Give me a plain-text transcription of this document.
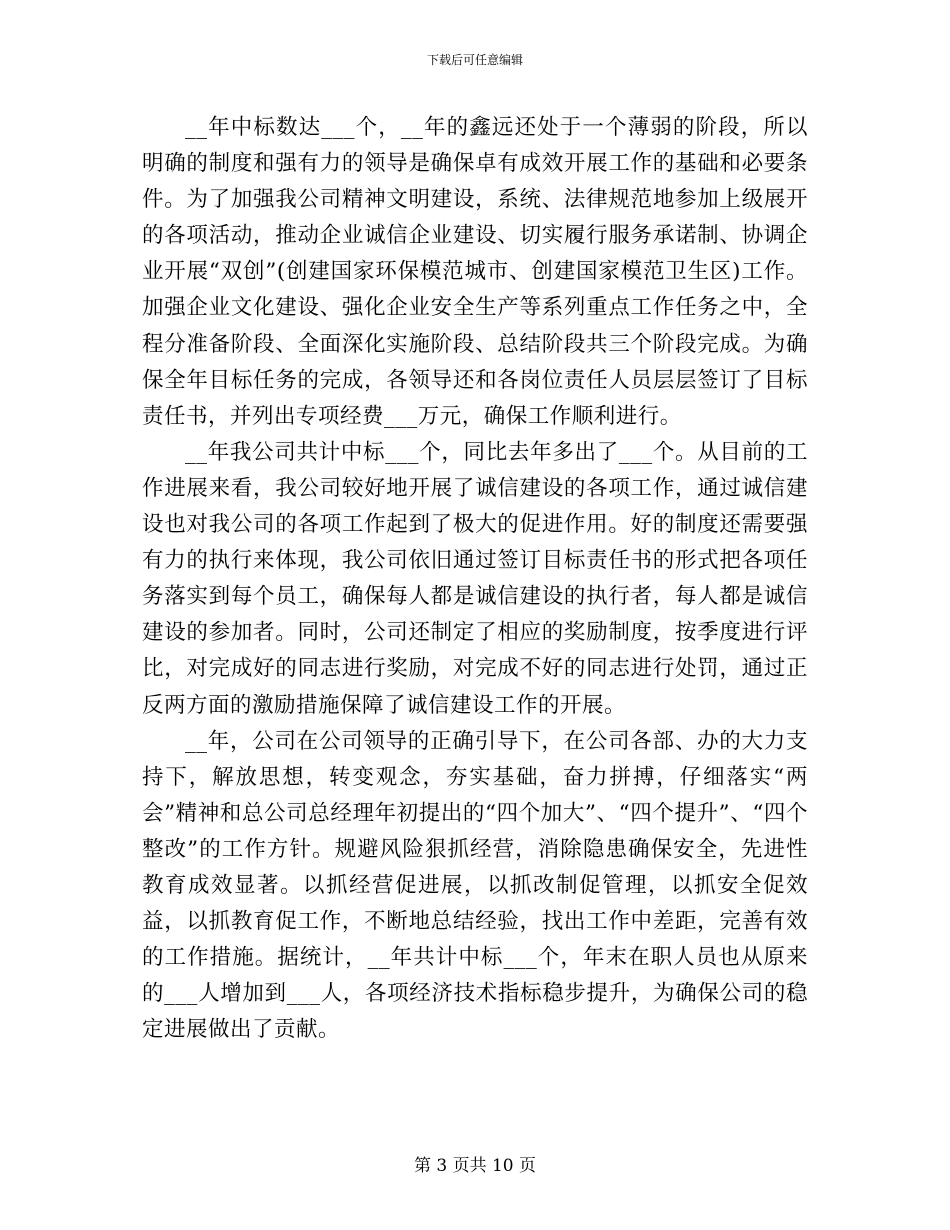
下载后可任意编辑

__年中标数达___个，__年的鑫远还处于一个薄弱的阶段，所以明确的制度和强有力的领导是确保卓有成效开展工作的基础和必要条件。为了加强我公司精神文明建设，系统、法律规范地参加上级展开的各项活动，推动企业诚信企业建设、切实履行服务承诺制、协调企业开展“双创”(创建国家环保模范城市、创建国家模范卫生区)工作。加强企业文化建设、强化企业安全生产等系列重点工作任务之中，全程分准备阶段、全面深化实施阶段、总结阶段共三个阶段完成。为确保全年目标任务的完成，各领导还和各岗位责任人员层层签订了目标责任书，并列出专项经费___万元，确保工作顺利进行。

__年我公司共计中标___个，同比去年多出了___个。从目前的工作进展来看，我公司较好地开展了诚信建设的各项工作，通过诚信建设也对我公司的各项工作起到了极大的促进作用。好的制度还需要强有力的执行来体现，我公司依旧通过签订目标责任书的形式把各项任务落实到每个员工，确保每人都是诚信建设的执行者，每人都是诚信建设的参加者。同时，公司还制定了相应的奖励制度，按季度进行评比，对完成好的同志进行奖励，对完成不好的同志进行处罚，通过正反两方面的激励措施保障了诚信建设工作的开展。

__年，公司在公司领导的正确引导下，在公司各部、办的大力支持下，解放思想，转变观念，夯实基础，奋力拼搏，仔细落实“两会”精神和总公司总经理年初提出的“四个加大”、“四个提升”、“四个整改”的工作方针。规避风险狠抓经营，消除隐患确保安全，先进性教育成效显著。以抓经营促进展，以抓改制促管理，以抓安全促效益，以抓教育促工作，不断地总结经验，找出工作中差距，完善有效的工作措施。据统计，__年共计中标___个，年末在职人员也从原来的___人增加到___人，各项经济技术指标稳步提升，为确保公司的稳定进展做出了贡献。

第 3 页共 10 页
